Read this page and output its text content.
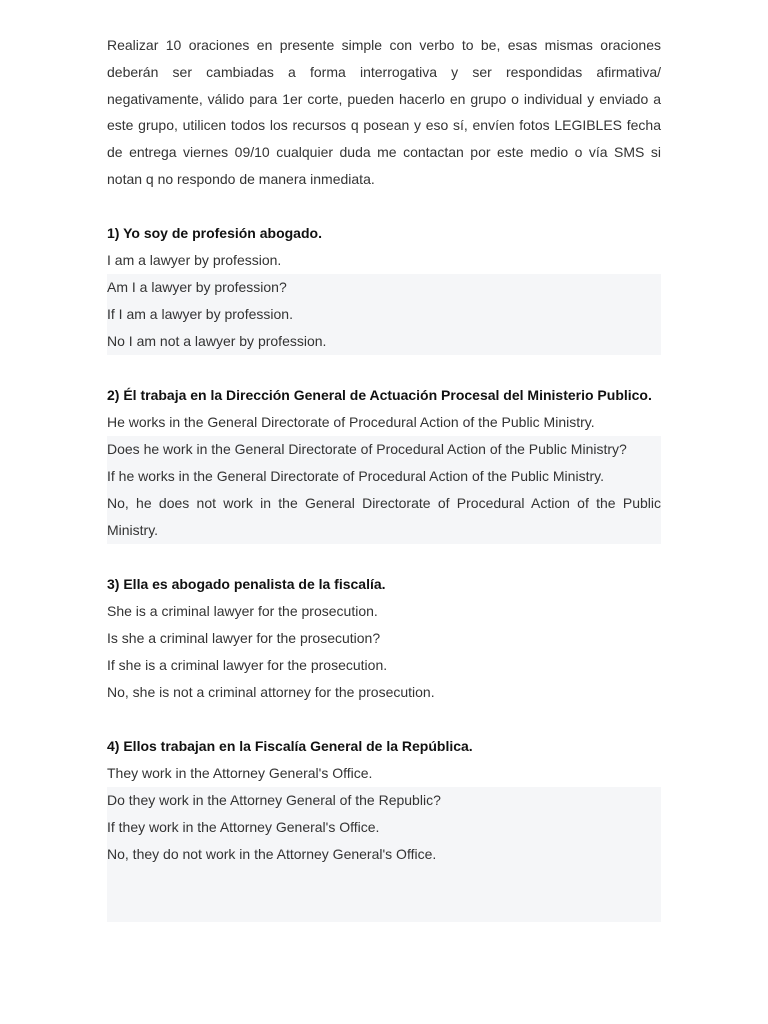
Realizar 10 oraciones en presente simple con verbo to be, esas mismas oraciones deberán ser cambiadas a forma interrogativa y ser respondidas afirmativa/ negativamente, válido para 1er corte, pueden hacerlo en grupo o individual y enviado a este grupo, utilicen todos los recursos q posean y eso sí, envíen fotos LEGIBLES fecha de entrega viernes 09/10 cualquier duda me contactan por este medio o vía SMS si notan q no respondo de manera inmediata.

1) Yo soy de profesión abogado.

I am a lawyer by profession.

Am I a lawyer by profession?

If I am a lawyer by profession.

No I am not a lawyer by profession.

2) Él trabaja en la Dirección General de Actuación Procesal del Ministerio Publico.

He works in the General Directorate of Procedural Action of the Public Ministry.

Does he work in the General Directorate of Procedural Action of the Public Ministry?

If he works in the General Directorate of Procedural Action of the Public Ministry.

No, he does not work in the General Directorate of Procedural Action of the Public Ministry.

3) Ella es abogado penalista de la fiscalía.

She is a criminal lawyer for the prosecution.

Is she a criminal lawyer for the prosecution?

If she is a criminal lawyer for the prosecution.

No, she is not a criminal attorney for the prosecution.

4) Ellos trabajan en la Fiscalía General de la República.

They work in the Attorney General's Office.

Do they work in the Attorney General of the Republic?

If they work in the Attorney General's Office.

No, they do not work in the Attorney General's Office.
